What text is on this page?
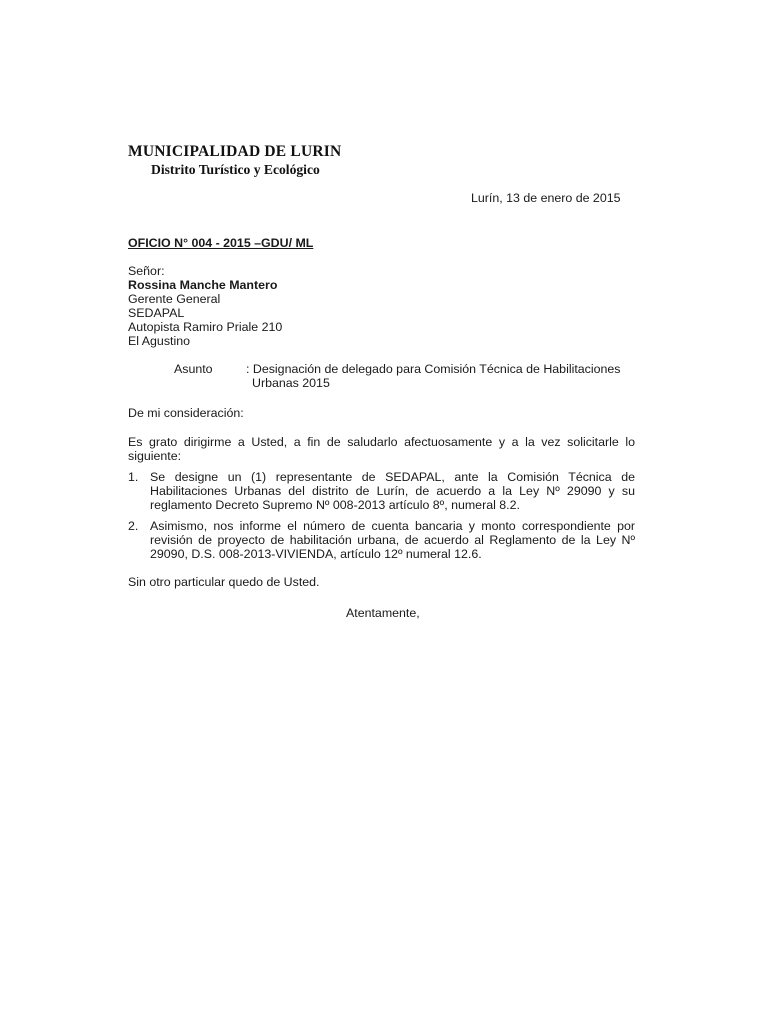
MUNICIPALIDAD DE LURIN
Distrito Turístico y Ecológico
Lurín, 13 de enero de 2015
OFICIO N° 004 - 2015 –GDU/ ML
Señor:
Rossina Manche Mantero
Gerente General
SEDAPAL
Autopista Ramiro Priale 210
El Agustino
Asunto	: Designación de delegado para Comisión Técnica de Habilitaciones
Urbanas 2015
De mi consideración:
Es grato dirigirme a Usted, a fin de saludarlo afectuosamente y a la vez solicitarle lo siguiente:
1. Se designe un (1) representante de SEDAPAL, ante la Comisión Técnica de Habilitaciones Urbanas del distrito de Lurín, de acuerdo a la Ley Nº 29090 y su reglamento Decreto Supremo Nº 008-2013 artículo 8º, numeral 8.2.
2. Asimismo, nos informe el número de cuenta bancaria y monto correspondiente por revisión de proyecto de habilitación urbana, de acuerdo al Reglamento de la Ley Nº 29090, D.S. 008-2013-VIVIENDA, artículo 12º numeral 12.6.
Sin otro particular quedo de Usted.
Atentamente,
